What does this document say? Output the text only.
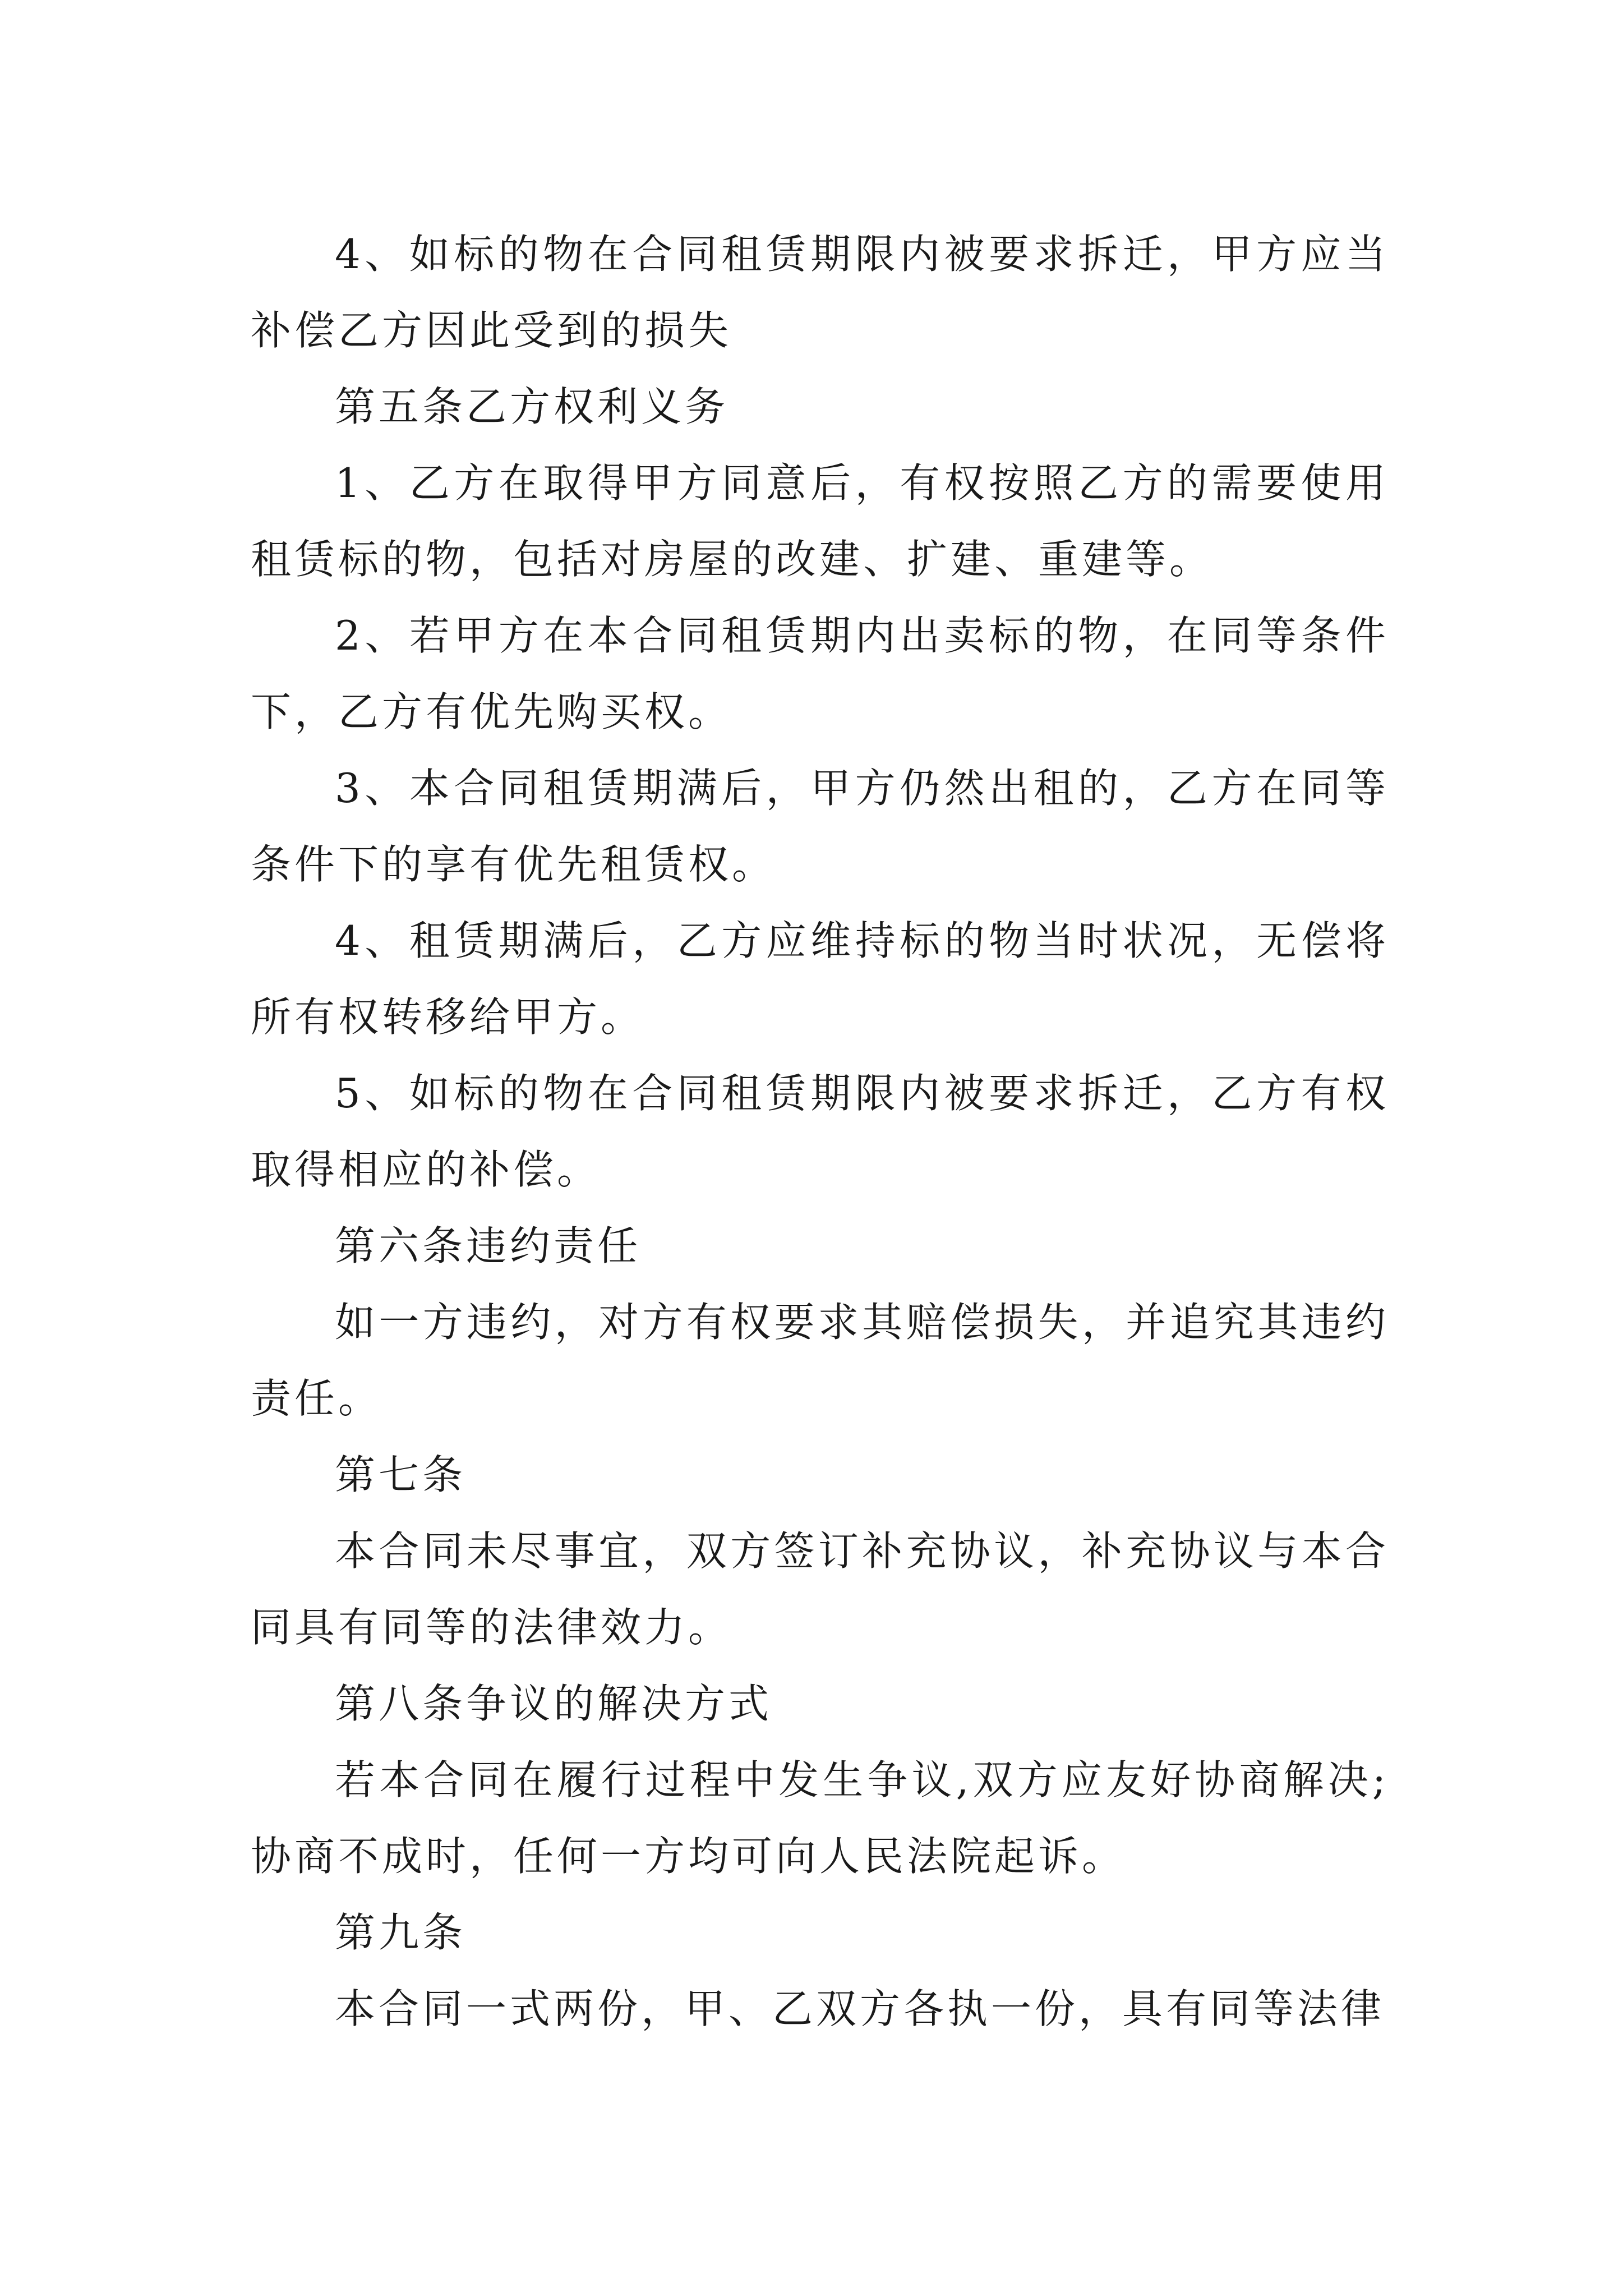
4、如标的物在合同租赁期限内被要求拆迁，甲方应当补偿乙方因此受到的损失

第五条乙方权利义务

1、乙方在取得甲方同意后，有权按照乙方的需要使用租赁标的物，包括对房屋的改建、扩建、重建等。

2、若甲方在本合同租赁期内出卖标的物，在同等条件下，乙方有优先购买权。

3、本合同租赁期满后，甲方仍然出租的，乙方在同等条件下的享有优先租赁权。

4、租赁期满后，乙方应维持标的物当时状况，无偿将所有权转移给甲方。

5、如标的物在合同租赁期限内被要求拆迁，乙方有权取得相应的补偿。

第六条违约责任

如一方违约，对方有权要求其赔偿损失，并追究其违约责任。

第七条

本合同未尽事宜，双方签订补充协议，补充协议与本合同具有同等的法律效力。

第八条争议的解决方式

若本合同在履行过程中发生争议,双方应友好协商解决;协商不成时，任何一方均可向人民法院起诉。

第九条

本合同一式两份，甲、乙双方各执一份，具有同等法律
